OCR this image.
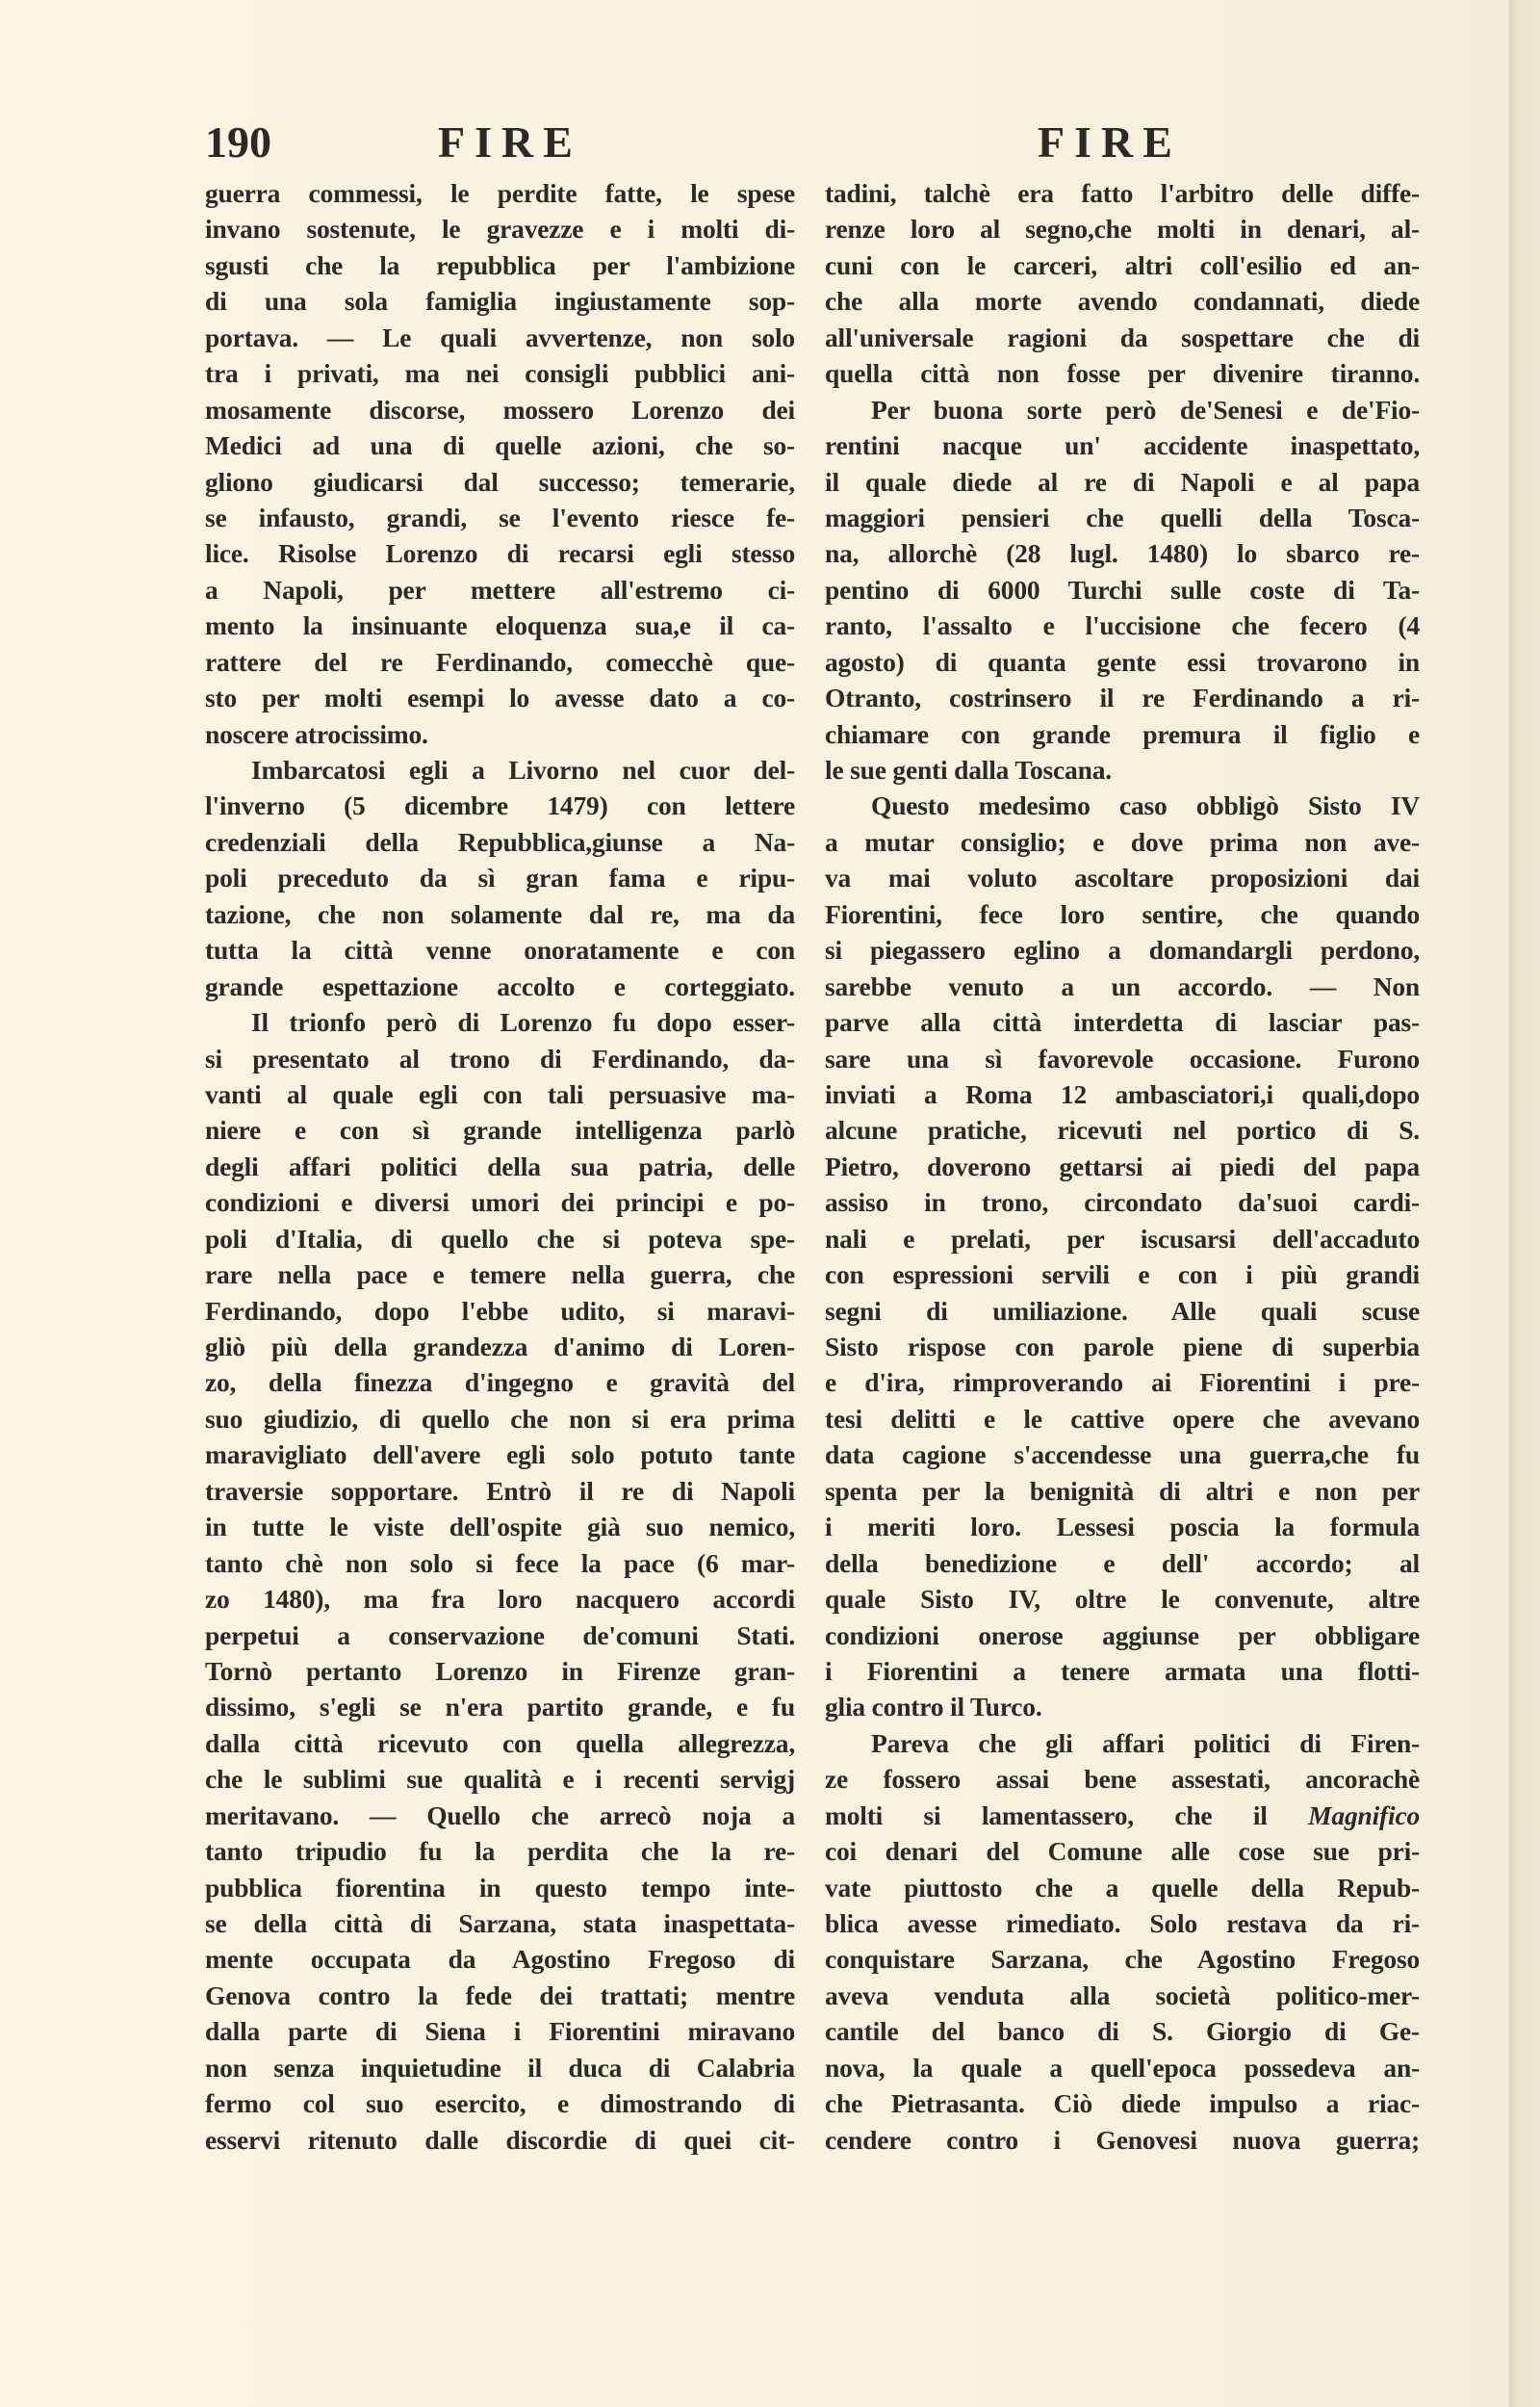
190	FIRE	FIRE
guerra commessi, le perdite fatte, le spese
invano sostenute, le gravezze e i molti di-
sgusti che la repubblica per l'ambizione
di una sola famiglia ingiustamente sop-
portava. — Le quali avvertenze, non solo
tra i privati, ma nei consigli pubblici ani-
mosamente discorse, mossero Lorenzo dei
Medici ad una di quelle azioni, che so-
gliono giudicarsi dal successo; temerarie,
se infausto, grandi, se l'evento riesce fe-
lice. Risolse Lorenzo di recarsi egli stesso
a Napoli, per mettere all'estremo ci-
mento la insinuante eloquenza sua,e il ca-
rattere del re Ferdinando, comecchè que-
sto per molti esempi lo avesse dato a co-
noscere atrocissimo.
Imbarcatosi egli a Livorno nel cuor del-
l'inverno (5 dicembre 1479) con lettere
credenziali della Repubblica,giunse a Na-
poli preceduto da sì gran fama e ripu-
tazione, che non solamente dal re, ma da
tutta la città venne onoratamente e con
grande espettazione accolto e corteggiato.
Il trionfo però di Lorenzo fu dopo esser-
si presentato al trono di Ferdinando, da-
vanti al quale egli con tali persuasive ma-
niere e con sì grande intelligenza parlò
degli affari politici della sua patria, delle
condizioni e diversi umori dei principi e po-
poli d'Italia, di quello che si poteva spe-
rare nella pace e temere nella guerra, che
Ferdinando, dopo l'ebbe udito, si maravi-
gliò più della grandezza d'animo di Loren-
zo, della finezza d'ingegno e gravità del
suo giudizio, di quello che non si era prima
maravigliato dell'avere egli solo potuto tante
traversie sopportare. Entrò il re di Napoli
in tutte le viste dell'ospite già suo nemico,
tanto chè non solo si fece la pace (6 mar-
zo 1480), ma fra loro nacquero accordi
perpetui a conservazione de'comuni Stati.
Tornò pertanto Lorenzo in Firenze gran-
dissimo, s'egli se n'era partito grande, e fu
dalla città ricevuto con quella allegrezza,
che le sublimi sue qualità e i recenti servigj
meritavano. — Quello che arrecò noja a
tanto tripudio fu la perdita che la re-
pubblica fiorentina in questo tempo inte-
se della città di Sarzana, stata inaspettata-
mente occupata da Agostino Fregoso di
Genova contro la fede dei trattati; mentre
dalla parte di Siena i Fiorentini miravano
non senza inquietudine il duca di Calabria
fermo col suo esercito, e dimostrando di
esservi ritenuto dalle discordie di quei cit-
tadini, talchè era fatto l'arbitro delle diffe-
renze loro al segno,che molti in denari, al-
cuni con le carceri, altri coll'esilio ed an-
che alla morte avendo condannati, diede
all'universale ragioni da sospettare che di
quella città non fosse per divenire tiranno.
Per buona sorte però de'Senesi e de'Fio-
rentini nacque un' accidente inaspettato,
il quale diede al re di Napoli e al papa
maggiori pensieri che quelli della Tosca-
na, allorchè (28 lugl. 1480) lo sbarco re-
pentino di 6000 Turchi sulle coste di Ta-
ranto, l'assalto e l'uccisione che fecero (4
agosto) di quanta gente essi trovarono in
Otranto, costrinsero il re Ferdinando a ri-
chiamare con grande premura il figlio e
le sue genti dalla Toscana.
Questo medesimo caso obbligò Sisto IV
a mutar consiglio; e dove prima non ave-
va mai voluto ascoltare proposizioni dai
Fiorentini, fece loro sentire, che quando
si piegassero eglino a domandargli perdono,
sarebbe venuto a un accordo. — Non
parve alla città interdetta di lasciar pas-
sare una sì favorevole occasione. Furono
inviati a Roma 12 ambasciatori,i quali,dopo
alcune pratiche, ricevuti nel portico di S.
Pietro, doverono gettarsi ai piedi del papa
assiso in trono, circondato da'suoi cardi-
nali e prelati, per iscusarsi dell'accaduto
con espressioni servili e con i più grandi
segni di umiliazione. Alle quali scuse
Sisto rispose con parole piene di superbia
e d'ira, rimproverando ai Fiorentini i pre-
tesi delitti e le cattive opere che avevano
data cagione s'accendesse una guerra,che fu
spenta per la benignità di altri e non per
i meriti loro. Lessesi poscia la formula
della benedizione e dell' accordo; al
quale Sisto IV, oltre le convenute, altre
condizioni onerose aggiunse per obbligare
i Fiorentini a tenere armata una flotti-
glia contro il Turco.
Pareva che gli affari politici di Firen-
ze fossero assai bene assestati, ancorachè
molti si lamentassero, che il Magnifico
coi denari del Comune alle cose sue pri-
vate piuttosto che a quelle della Repub-
blica avesse rimediato. Solo restava da ri-
conquistare Sarzana, che Agostino Fregoso
aveva venduta alla società politico-mer-
cantile del banco di S. Giorgio di Ge-
nova, la quale a quell'epoca possedeva an-
che Pietrasanta. Ciò diede impulso a riac-
cendere contro i Genovesi nuova guerra;
